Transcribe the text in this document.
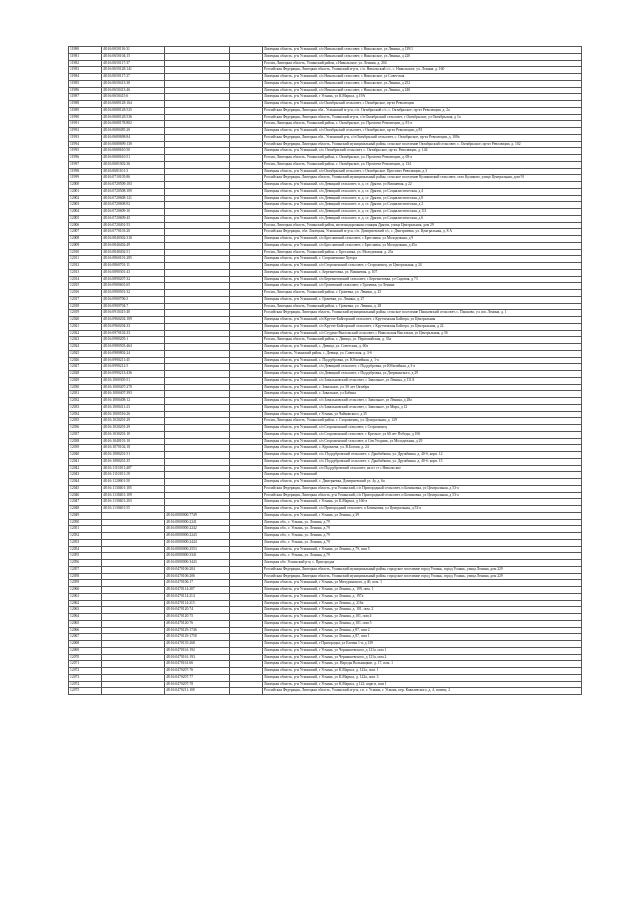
11980	48:16:0650116:31			Липецкая область, р-н Усманский, с/п Никольский сельсовет, с Никольское, ул Ленина, д 139/1
11981	48:16:0650104:15			Липецкая область, р-н Усманский, с/п Никольский сельсовет, с Никольское, ул Ленина, д 220
11982	48:16:0650117:37			Россия, Липецкая область, Усманский район, с.Никольское, ул. Ленина, д. 204
11983	48:16:0650128:141			Российская Федерация, Липецкая область, Усманский м-р-н, с/п. Никольский с/с, с. Никольское, ул. Ленина, д. 160
11984	48:16:0650117:27			Липецкая область, р-н Усманский, с/п Никольский сельсовет, с Никольское, ул Советская
11985	48:16:0650413:38			Липецкая область, р-н Усманский, с/п Никольский сельсовет, с Никольское, ул Ленина, д 252
11986	48:16:0650413:46			Липецкая область, р-н Усманский, с/п Никольский сельсовет, с Никольское, ул Ленина, д 246
11987	48:16:0650415:6			Липецкая область, р-н Усманский, г Усмань, ул К.Маркса, д 19А
11988	48:16:0680128:164			Липецкая область, р-н Усманский, с/п Октябрьский сельсовет, с Октябрьское, пр-кт Революции
11989	48:16:0680128:525			Российская Федерация, Липецкая обл., Усманский м-р-н, с/п. Октябрьский с/с, с. Октябрьское, пр-кт Революции, д. 2а
11990	48:16:0680128:536			Российская Федерация, Липецкая область, Усманский м-р-н, с/п Октябрьский сельсовет, с Октябрьское, ул Октябрьская, д 1а
11991	48:16:0680178:802			Россия, Липецкая область, Усманский район, с. Октябрьское, ул. Проспект Революции, д. 81-а
11992	48:16:0680485:20			Липецкая область, р-н Усманский, с/п Октябрьский сельсовет, с Октябрьское, пр-кт Революции, д 83
11993	48:16:0680698:84			Российская Федерация, Липецкая обл., Усманский р-н, с/п Октябрьский сельсовет, с. Октябрьское, пр-кт Революции, д. 108а
11994	48:16:0680699:130			Российская Федерация, Липецкая область, Усманский муниципальный район, сельское поселение Октябрьский сельсовет, с. Октябрьское, пр-кт Революции, д. 102
11995	48:16:0680610:50			Липецкая область, р-н Усманский, с/п. Октябрьский сельсовет, с. Октябрьское, пр-кт. Революции, д. 144
11996	48:16:0680610:51			Россия, Липецкая область, Усманский район, с. Октябрьское, ул. Проспект Революции, д. 69-а
11997	48:16:0681002:36			Россия, Липецкая область, Усманский район, с. Октябрьское, ул. Проспект Революции, д. 134
11998	48:16:0681101:3			Липецкая область, р-н Усманский, с/п Октябрьский сельсовет, с Октябрьское, Проспект Революции, д 3
11999	48:16:0710105:86			Российская Федерация, Липецкая область, Усманский муниципальный район, сельское поселение Куликовский сельсовет, село Куликово, улица Центральная, дом 91
12000	48:16:0720509:183			Липецкая область, р-н Усманский, с/п Девицкий сельсовет, п. д. ст. Дрязги, ул Вишневая, д 22
12001	48:16:0720508:109			Липецкая область, р-н Усманский, с/п Девицкий сельсовет, п. д. ст. Дрязги, ул Социалистическая, д 4
12002	48:16:0720608:121			Липецкая область, р-н Усманский, с/п Девицкий сельсовет, п. д. ст. Дрязги, ул Социалистическая, д 8
12003	48:16:0720608:92			Липецкая область, р-н Усманский, с/п Девицкий сельсовет, п. д. ст. Дрязги, ул Социалистическая, д 2
12004	48:16:0720609:10			Липецкая область, р-н Усманский, с/п Девицкий сельсовет, п. д. ст. Дрязги, ул Социалистическая, д 111
12005	48:16:0720609:45			Липецкая область, р-н Усманский, с/п Девицкий сельсовет, п. д. ст. Дрязги, ул Социалистическая, д 6
12006	48:16:0720401:53			Россия, Липецкая область, Усманский район, железнодорожная станция Дрязги, улица Центральная, дом 29
12007	48:16:0770103:20			Российская Федерация, обл. Липецкая, Усманский м-р-н, с/п. Дмитриевский с/с, с. Дмитриевка, ул. Центральная, д. 8 А
12008	48:16:0840302:310			Липецкая область, р-н Усманский, с/п Бреславский сельсовет, с Бреславка, ул Молодежная, д 9
12009	48:16:0840402:49			Липецкая область, р-н Усманский, с/п Бреславский сельсовет, с Бреславка, ул Молодежная, д 45а
12010	48:16:0840402:51			Россия, Липецкая область, Усманский район, с. Бреславка, ул. Молодежная, д. 25а
12011	48:16:0860101:285			Липецкая область, р-н Усманский, с. Стороженские Хутора
12012	48:16:0860701:11			Липецкая область, р-н Усманский, с/п Стороженский сельсовет, с Стороженец, ул Центральная, д 24
12013	48:16:0890301:43			Липецкая область, р-н Усманский, с. Березнеговка, ул. Вишневая, д. 107
12014	48:16:0890207:32			Липецкая область, р-н Усманский, с/п Березнеговский сельсовет, с Березнеговка, ул Садовая, д 73
12015	48:16:0900601:65			Липецкая область, р-н Усманский, с/п Грачевский сельсовет, с Грачевка, ул Ленина
12016	48:16:0900501:32			Россия, Липецкая область, Усманский район, с. Грачевка, ул. Ленина, д. 25
12017	48:16:0900706:5			Липецкая область, р-н Усманский, с. Грачевка, ул. Ленина, д. 27
12018	48:16:0900704:7			Россия, Липецкая область, Усманский район, с. Грачевка, ул. Ленина, д. 28
12019	48:16:0910415:40			Российская Федерация, Липецкая область, Усманский муниципальный район, сельское поселение Пашковский сельсовет, с. Пашково, ул. им. Ленина, д. 1
12020	48:16:0960202:109			Липецкая область, р-н Усманский, с/п Крутче-Байгорский сельсовет, с Крутченская Байгора, ул Центральная
12021	48:16:0960204:33			Липецкая область, р-н Усманский, с/п Крутче-Байгорский сельсовет, с Крутченская Байгора, ул Центральная, д 22
12022	48:16:0970102:33			Липецкая область, р-н Усманский, с/п Студено-Высельский сельсовет, с Никольская Высельки, ул Центральная, д 56
12023	48:16:0980205:1			Россия, Липецкая область, Усманский район, с. Девица, ул. Первомайская, д. 33а
12024	48:16:0980503:464			Липецкая область, р-н Усманский, с. Девица, ул. Советская, д. 60а
12025	48:16:0980802:24			Липецкая область, Усманский район, с. Девица, ул. Советская, д. 3-б
12026	48:16:0990211:45			Липецкая область, р-н Усманский, с. Поддубровка, ул. Юбилейная, д. 1-а
12027	48:16:0990212:5			Липецкая область, р-н Усманский, с/п Девицкий сельсовет, с Поддубровка, ул Юбилейная, д 3-а
12028	48:16:0990213:436			Липецкая область, р-н Усманский, с/п Девицкий сельсовет, с Поддубровка, ул Дзержинского, д 29
12029	48:16:1000305:51			Липецкая область, р-н Усманский, с/п Завальновский сельсовет, с Завальное, ул Ленина, д 111А
12030	48:16:1000407:270			Липецкая область, р-н Усманский, с. Завальное, ул. 50 лет Октября
12031	48:16:1000407:393			Липецкая область, р-н Усманский, с. Завальное, ул Бобина
12032	48:16:1000408:12			Липецкая область, р-н Усманский, с/п Завальновский сельсовет, с Завальное, ул Ленина, д 28а
12033	48:16:1000411:23			Липецкая область, р-н Усманский, с/п Завальновский сельсовет, с Завальное, ул Мира, д 12
12034	48:16:1000516:26			Липецкая область, р-н Усманский, г Усмань, ул Чайковского, д 35
12035	48:16:1020201:29			Россия, Липецкая область, Усманский район, с. Стороженец, ул. Центральная, д. 129
12036	48:16:1020201:29			Липецкая область, р-н Усманский, с/п Стороженский сельсовет, с Стороженец
12037	48:16:1030201:10			Липецкая область, р-н Усманский, с/п Стороженский сельсовет, с Кресное, ул 60 лет Победы, д 10б
12038	48:16:1040101:10			Липецкая область, р-н Усманский, с/п Стороженский сельсовет, п Сев.Угодник, ул Молодежная, д 29
12039	48:16:1070102:18			Липецкая область, р-н Усманский, с. Куравлева, ул. В.Богова, д. 24
12040	48:16:1080201:51			Липецкая область, р-н Усманский, с/п. Поддубровский сельсовет, с. Дрыбибкова, ул. Дружбинка, д. 40-б, корп. 12
12041	48:16:1080201:35			Липецкая область, р-н Усманский, с/п. Поддубровский сельсовет, с. Дрыбибкова, ул. Дружбинка, д. 40-б, корп. 15
12042	48:16:1110101:407			Липецкая область, р-н Усманский, с/п Поддубровский сельсовет, на пт ст с Никольское
12043	48:16:1110101:10			Липецкая область, р-н Усманский
12044	48:16:1120601:50			Липецкая область, р-н Усманский, с. Дмитряевка, Дмитриевский ул. 4у, д. 6а
12045	48:16:1130401:105			Российская Федерация, Липецкая область, р-н Усманский, с/п Пригородный сельсовет, п Бочиновка, ул Центральная, д 53-а
12046	48:16:1130401:109			Российская Федерация, Липецкая область, р-н Усманский, с/п Пригородный сельсовет, п Бочиновка, ул Центральная, д 53-а
12047	48:16:1130401:203			Липецкая область, р-н Усманский, г Усмань, ул К.Маркса, д 166-а
12048	48:16:1130401:55			Липецкая область, р-н Усманский, с/п Пригородный сельсовет, п Бочиновка, ул Центральная, д 53-а
12049		48:16:0000000:7749		Липецкая область, р-н Усманский, г Усмань, ул Ленина, д 39
12050		48:16:0000000:2241		Липецкая обл., г. Усмань, ул. Ленина, д.79
12051		48:16:0000000:2242		Липецкая обл., г. Усмань, ул. Ленина, д.79
12052		48:16:0000000:2243		Липецкая обл., г. Усмань, ул. Ленина, д.79
12053		48:16:0000000:2444		Липецкая обл., г. Усмань, ул. Ленина, д.79
12054		48:16:0000000:2553		Липецкая область, р-н Усманский, г Усмань, ул Ленина, д 79, пом 5
12055		48:16:0000000:3341		Липецкая обл., г. Усмань, ул. Ленина, д.79
12056		48:16:0000000:3443		Липецкая обл. Усманский р-н, с. Пригородка
12057		48:16:0470106:204		Российская Федерация, Липецкая область, Усманский муниципальный район, городское поселение город Усмань, город Усмань, улица Ленина, дом 229
12058		48:16:0470106:206		Российская Федерация, Липецкая область, Усманский муниципальный район, городское поселение город Усмань, город Усмань, улица Ленина, дом 229
12059		48:16:0470106:17		Липецкая область, р-н Усманский, г Усмань, ул Мичуринского, д 40, пом. 1
12060		48:16:0470114:207		Липецкая область, р-н Усманский, г Усмань, ул Ленина, д. 199, пом. 1
12061		48:16:0470114:214		Липецкая область, р-н Усманский, г Усмань, ул Ленина, д. 197а
12062		48:16:0470114:215		Липецкая область, р-н Усманский, г Усмань, ул Ленина, д. 216а
12063		48:16:0470120:74		Липецкая область, р-н Усманский, г Усмань, ул Ленина, д. 101, пом. 2
12064		48:16:0470120:75		Липецкая область, р-н Усманский, г Усмань, ул Ленина, д 101, пом 4
12065		48:16:0470120:76		Липецкая область, р-н Усманский, г Усмань, ул Ленина, д 101, пом 5
12066		48:16:0470129:1746		Липецкая область, р-н Усманский, г Усмань, ул Ленина, д 87, пом 2
12067		48:16:0470129:1750		Липецкая область, р-н Усманский, г Усмань, ул Ленина, д 87, пом 1
12068		48:16:0470135:268		Липецкая область, р-н Усманский, г Пригородка, ул Еловая 1-я, д 139
12069		48:16:0470161:192		Липецкая область, р-н Усманский, г Усмань, ул Чернышевского, д 121а, пом 1
12070		48:16:0470161:193		Липецкая область, р-н Усманский, г Усмань, ул Чернышевского, д 121а, пом 2
12071		48:16:0470161:66		Липецкая область, р-н Усманский, г Усмань, ул. Народы Вольницкие, д. 17, пом. 1
12072		48:16:0470207:76		Липецкая область, р-н Усманский, г Усмань, ул К.Маркса, д. 122а, пом. 1
12073		48:16:0470207:77		Липецкая область, р-н Усманский, г Усмань, ул К.Маркса, д. 122а, пом. 3
12074		48:16:0470207:78		Липецкая область, р-н Усманский, г Усмань, ул К.Маркса, д 122, корп в, пом 1
12075		48:16:0470211:100		Российская Федерация, Липецкая область, Усманский м-р-н, г.п. г. Усмань, г. Усмань, пер. Кавалевского, д. 4, помещ. 2
